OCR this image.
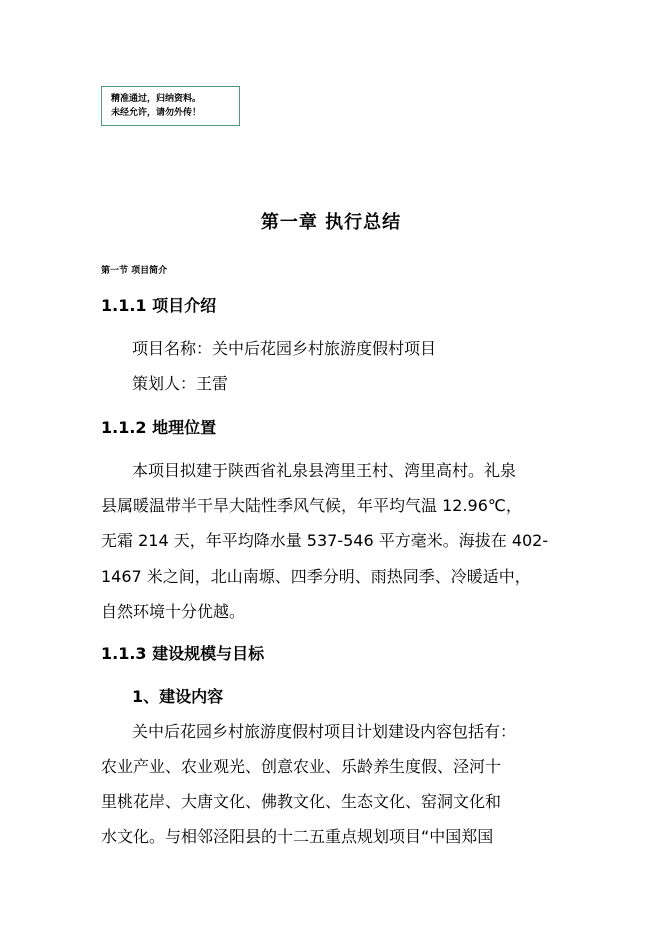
精准通过，归纳资料。
未经允许，请勿外传！
第一章 执行总结
第一节 项目简介
1.1.1 项目介绍
项目名称：关中后花园乡村旅游度假村项目
策划人：王雷
1.1.2 地理位置
本项目拟建于陕西省礼泉县湾里王村、湾里高村。礼泉
县属暖温带半干旱大陆性季风气候，年平均气温 12.96℃，
无霜 214 天，年平均降水量 537-546 平方毫米。海拔在 402-
1467 米之间，北山南塬、四季分明、雨热同季、冷暖适中，
自然环境十分优越。
1.1.3 建设规模与目标
1、建设内容
关中后花园乡村旅游度假村项目计划建设内容包括有：
农业产业、农业观光、创意农业、乐龄养生度假、泾河十
里桃花岸、大唐文化、佛教文化、生态文化、窑洞文化和
水文化。与相邻泾阳县的十二五重点规划项目“中国郑国
